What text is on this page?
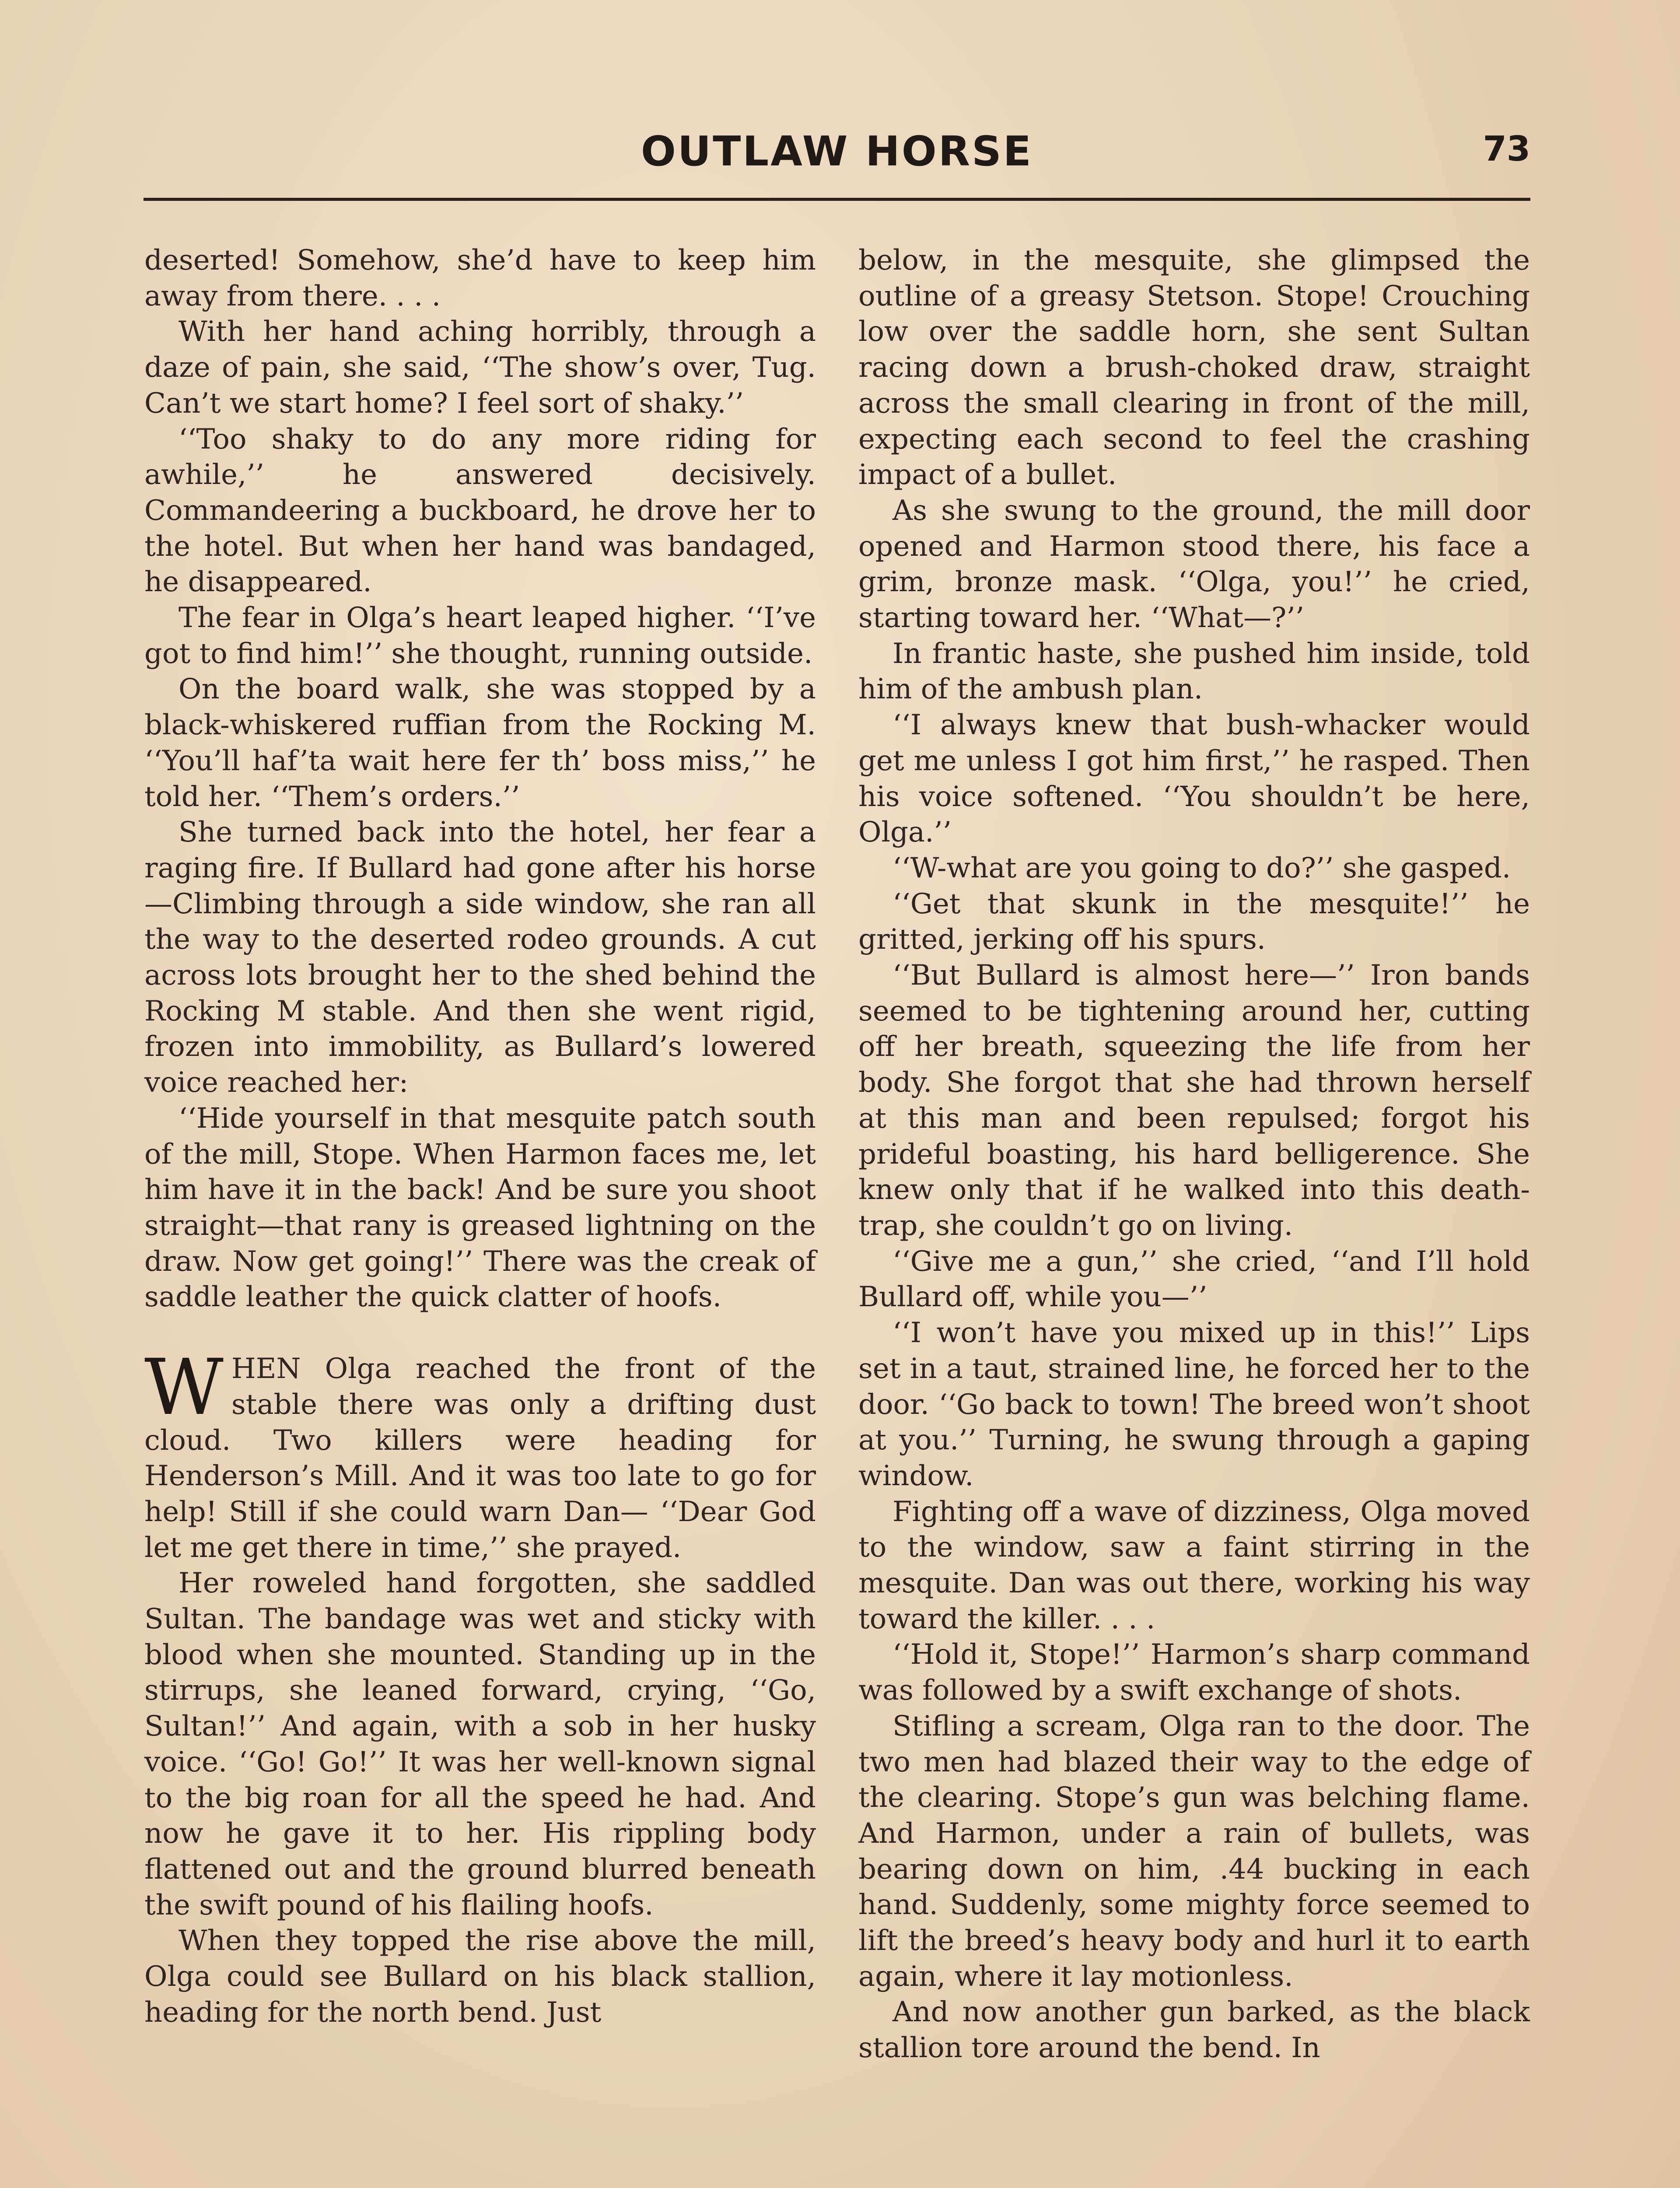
OUTLAW HORSE	73

deserted! Somehow, she’d have to keep him away from there. . . .

With her hand aching horribly, through a daze of pain, she said, ‘‘The show’s over, Tug. Can’t we start home? I feel sort of shaky.’’

‘‘Too shaky to do any more riding for awhile,’’ he answered decisively. Commandeering a buckboard, he drove her to the hotel. But when her hand was bandaged, he disappeared.

The fear in Olga’s heart leaped higher. ‘‘I’ve got to find him!’’ she thought, running outside.

On the board walk, she was stopped by a black-whiskered ruffian from the Rocking M. ‘‘You’ll haf’ta wait here fer th’ boss miss,’’ he told her. ‘‘Them’s orders.’’

She turned back into the hotel, her fear a raging fire. If Bullard had gone after his horse—Climbing through a side window, she ran all the way to the deserted rodeo grounds. A cut across lots brought her to the shed behind the Rocking M stable. And then she went rigid, frozen into immobility, as Bullard’s lowered voice reached her:

‘‘Hide yourself in that mesquite patch south of the mill, Stope. When Harmon faces me, let him have it in the back! And be sure you shoot straight—that rany is greased lightning on the draw. Now get going!’’ There was the creak of saddle leather the quick clatter of hoofs.

WHEN Olga reached the front of the stable there was only a drifting dust cloud. Two killers were heading for Henderson’s Mill. And it was too late to go for help! Still if she could warn Dan— ‘‘Dear God let me get there in time,’’ she prayed.

Her roweled hand forgotten, she saddled Sultan. The bandage was wet and sticky with blood when she mounted. Standing up in the stirrups, she leaned forward, crying, ‘‘Go, Sultan!’’ And again, with a sob in her husky voice. ‘‘Go! Go!’’ It was her well-known signal to the big roan for all the speed he had. And now he gave it to her. His rippling body flattened out and the ground blurred beneath the swift pound of his flailing hoofs.

When they topped the rise above the mill, Olga could see Bullard on his black stallion, heading for the north bend. Just

below, in the mesquite, she glimpsed the outline of a greasy Stetson. Stope! Crouching low over the saddle horn, she sent Sultan racing down a brush-choked draw, straight across the small clearing in front of the mill, expecting each second to feel the crashing impact of a bullet.

As she swung to the ground, the mill door opened and Harmon stood there, his face a grim, bronze mask. ‘‘Olga, you!’’ he cried, starting toward her. ‘‘What—?’’

In frantic haste, she pushed him inside, told him of the ambush plan.

‘‘I always knew that bush-whacker would get me unless I got him first,’’ he rasped. Then his voice softened. ‘‘You shouldn’t be here, Olga.’’

‘‘W-what are you going to do?’’ she gasped.

‘‘Get that skunk in the mesquite!’’ he gritted, jerking off his spurs.

‘‘But Bullard is almost here—’’ Iron bands seemed to be tightening around her, cutting off her breath, squeezing the life from her body. She forgot that she had thrown herself at this man and been repulsed; forgot his prideful boasting, his hard belligerence. She knew only that if he walked into this death-trap, she couldn’t go on living.

‘‘Give me a gun,’’ she cried, ‘‘and I’ll hold Bullard off, while you—’’

‘‘I won’t have you mixed up in this!’’ Lips set in a taut, strained line, he forced her to the door. ‘‘Go back to town! The breed won’t shoot at you.’’ Turning, he swung through a gaping window.

Fighting off a wave of dizziness, Olga moved to the window, saw a faint stirring in the mesquite. Dan was out there, working his way toward the killer. . . .

‘‘Hold it, Stope!’’ Harmon’s sharp command was followed by a swift exchange of shots.

Stifling a scream, Olga ran to the door. The two men had blazed their way to the edge of the clearing. Stope’s gun was belching flame. And Harmon, under a rain of bullets, was bearing down on him, .44 bucking in each hand. Suddenly, some mighty force seemed to lift the breed’s heavy body and hurl it to earth again, where it lay motionless.

And now another gun barked, as the black stallion tore around the bend. In
